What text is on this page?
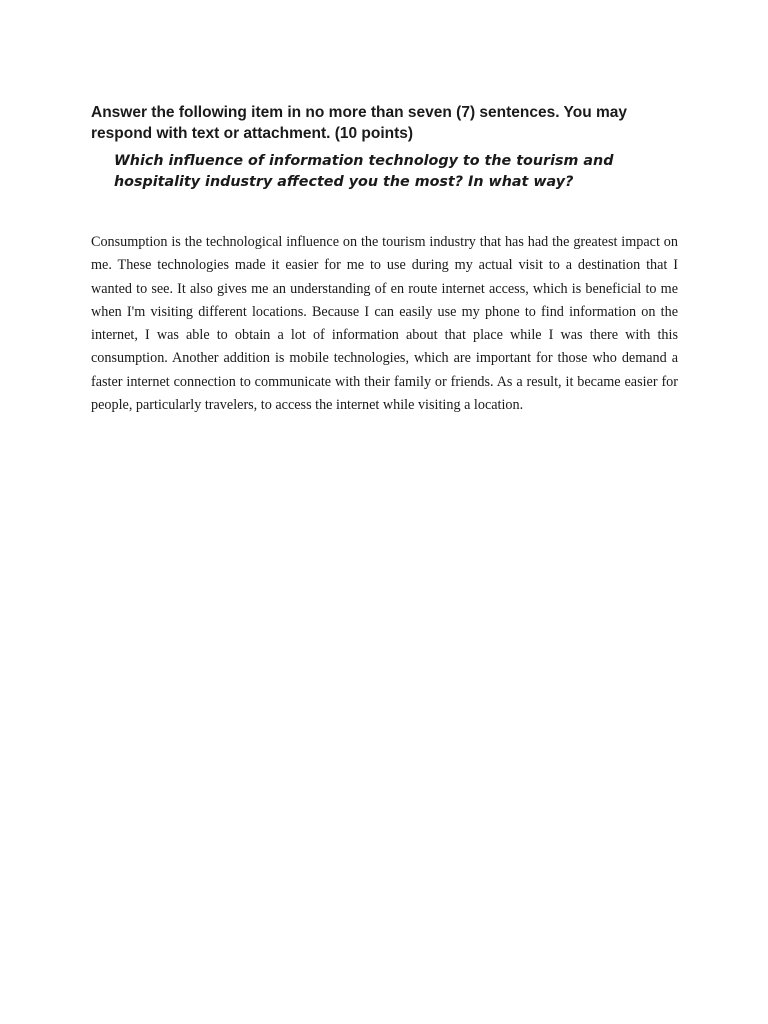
Answer the following item in no more than seven (7) sentences. You may respond with text or attachment. (10 points)

Which influence of information technology to the tourism and hospitality industry affected you the most? In what way?

Consumption is the technological influence on the tourism industry that has had the greatest impact on me. These technologies made it easier for me to use during my actual visit to a destination that I wanted to see. It also gives me an understanding of en route internet access, which is beneficial to me when I'm visiting different locations. Because I can easily use my phone to find information on the internet, I was able to obtain a lot of information about that place while I was there with this consumption. Another addition is mobile technologies, which are important for those who demand a faster internet connection to communicate with their family or friends. As a result, it became easier for people, particularly travelers, to access the internet while visiting a location.
